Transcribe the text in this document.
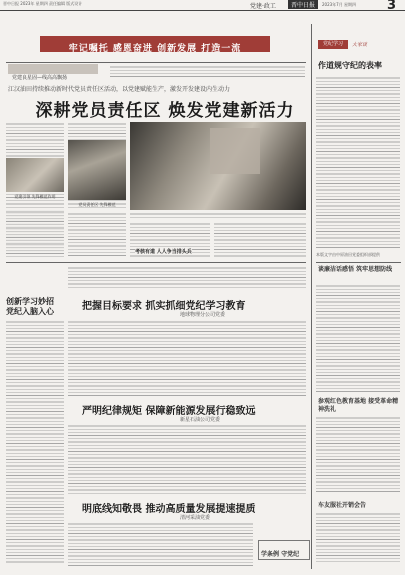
晋中日报 2023年 星期四 责任编辑 版式设计	党建·政工	晋中日报	2023年7月 星期四 3
牢记嘱托 感恩奋进 创新发展 打造一流
党建良星固—线高高飘扬
江汉油田持续推动新时代党员责任区活动，以党建赋能生产，激发开发建设内生动力
深耕党员责任区 焕发党建新活力
党建引领 先锋模范作用
党员责任区 先锋模范
考核有道 人人争当排头兵
创新学习妙招 党纪入脑入心	把握目标要求 抓实抓细党纪学习教育
地球物理分公司党委
严明纪律规矩 保障新能源发展行稳致远
新星石油公司党委
明底线知敬畏 推动高质量发展提速提质
清河采油党委
学条例 守党纪
党纪学习	大家谈
作道规守纪的表率
本版文字由中原油田党委组织部提供
谈廉洁话感悟 筑牢思想防线
参观红色教育基地 接受革命精神洗礼
车友服社开销会告
